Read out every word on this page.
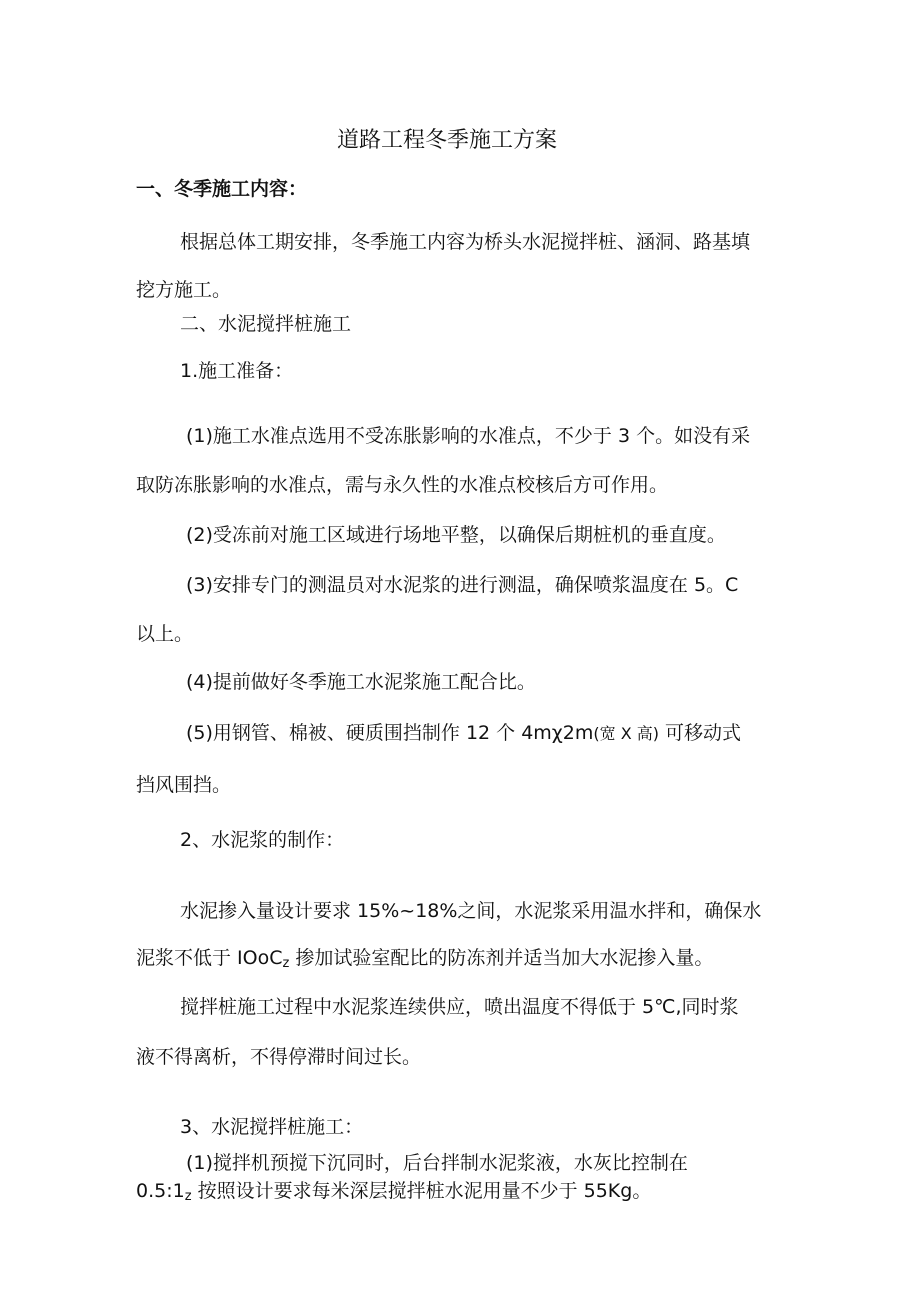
道路工程冬季施工方案
一、冬季施工内容：
根据总体工期安排，冬季施工内容为桥头水泥搅拌桩、涵洞、路基填
挖方施工。
二、水泥搅拌桩施工
1.施工准备：
(1)施工水准点选用不受冻胀影响的水准点，不少于 3 个。如没有采
取防冻胀影响的水准点，需与永久性的水准点校核后方可作用。
(2)受冻前对施工区域进行场地平整，以确保后期桩机的垂直度。
(3)安排专门的测温员对水泥浆的进行测温，确保喷浆温度在 5。C
以上。
(4)提前做好冬季施工水泥浆施工配合比。
(5)用钢管、棉被、硬质围挡制作 12 个 4mχ2m(宽 X 高) 可移动式
挡风围挡。
2、水泥浆的制作：
水泥掺入量设计要求 15%~18%之间，水泥浆采用温水拌和，确保水
泥浆不低于 IOoC$_z$ 掺加试验室配比的防冻剂并适当加大水泥掺入量。
搅拌桩施工过程中水泥浆连续供应，喷出温度不得低于 5℃,同时浆
液不得离析，不得停滞时间过长。
3、水泥搅拌桩施工：
(1)搅拌机预搅下沉同时，后台拌制水泥浆液，水灰比控制在
$0.5:1_z$ 按照设计要求每米深层搅拌桩水泥用量不少于 55Kg。
